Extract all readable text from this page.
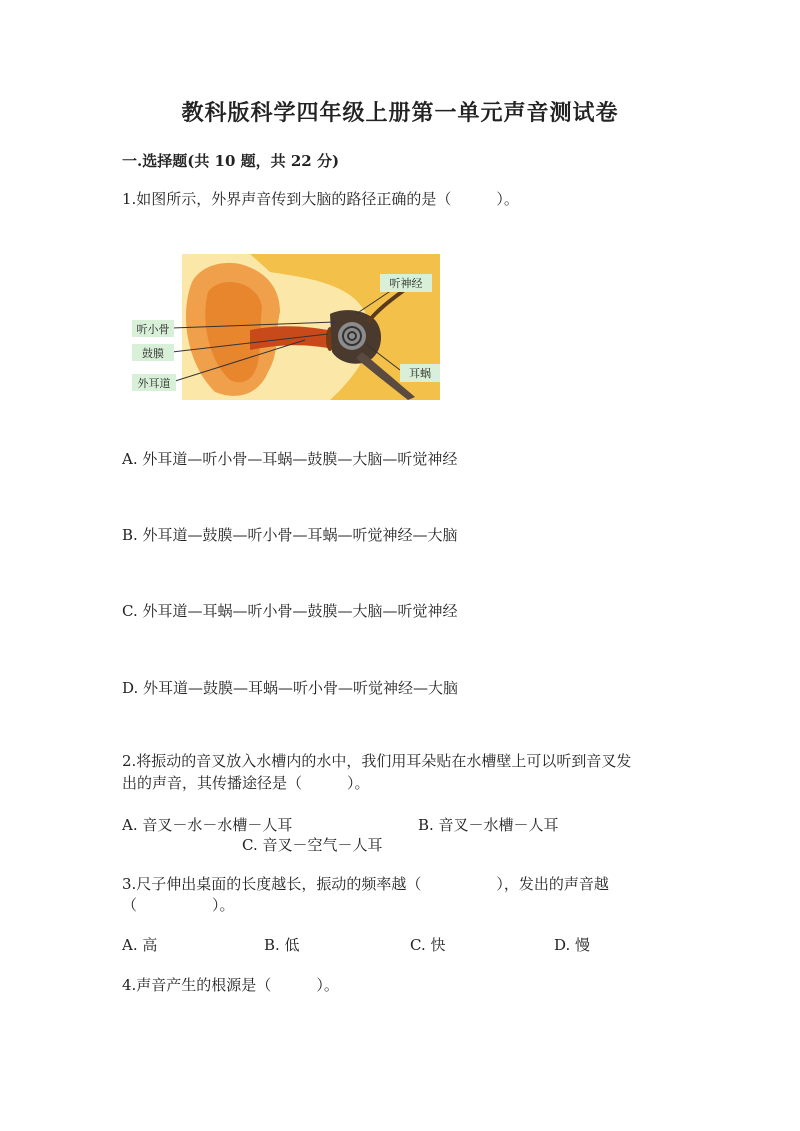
教科版科学四年级上册第一单元声音测试卷
一.选择题(共 10 题，共 22 分)
1.如图所示，外界声音传到大脑的路径正确的是（　　　）。
听神经
听小骨
鼓膜
外耳道
耳蜗
A. 外耳道—听小骨—耳蜗—鼓膜—大脑—听觉神经
B. 外耳道—鼓膜—听小骨—耳蜗—听觉神经—大脑
C. 外耳道—耳蜗—听小骨—鼓膜—大脑—听觉神经
D. 外耳道—鼓膜—耳蜗—听小骨—听觉神经—大脑
2.将振动的音叉放入水槽内的水中，我们用耳朵贴在水槽壁上可以听到音叉发
出的声音，其传播途径是（　　　）。
A. 音叉－水－水槽－人耳	B. 音叉－水槽－人耳
C. 音叉－空气－人耳
3.尺子伸出桌面的长度越长，振动的频率越（　　　　　），发出的声音越
（　　　　　）。
A. 高	B. 低	C. 快	D. 慢
4.声音产生的根源是（　　　）。
